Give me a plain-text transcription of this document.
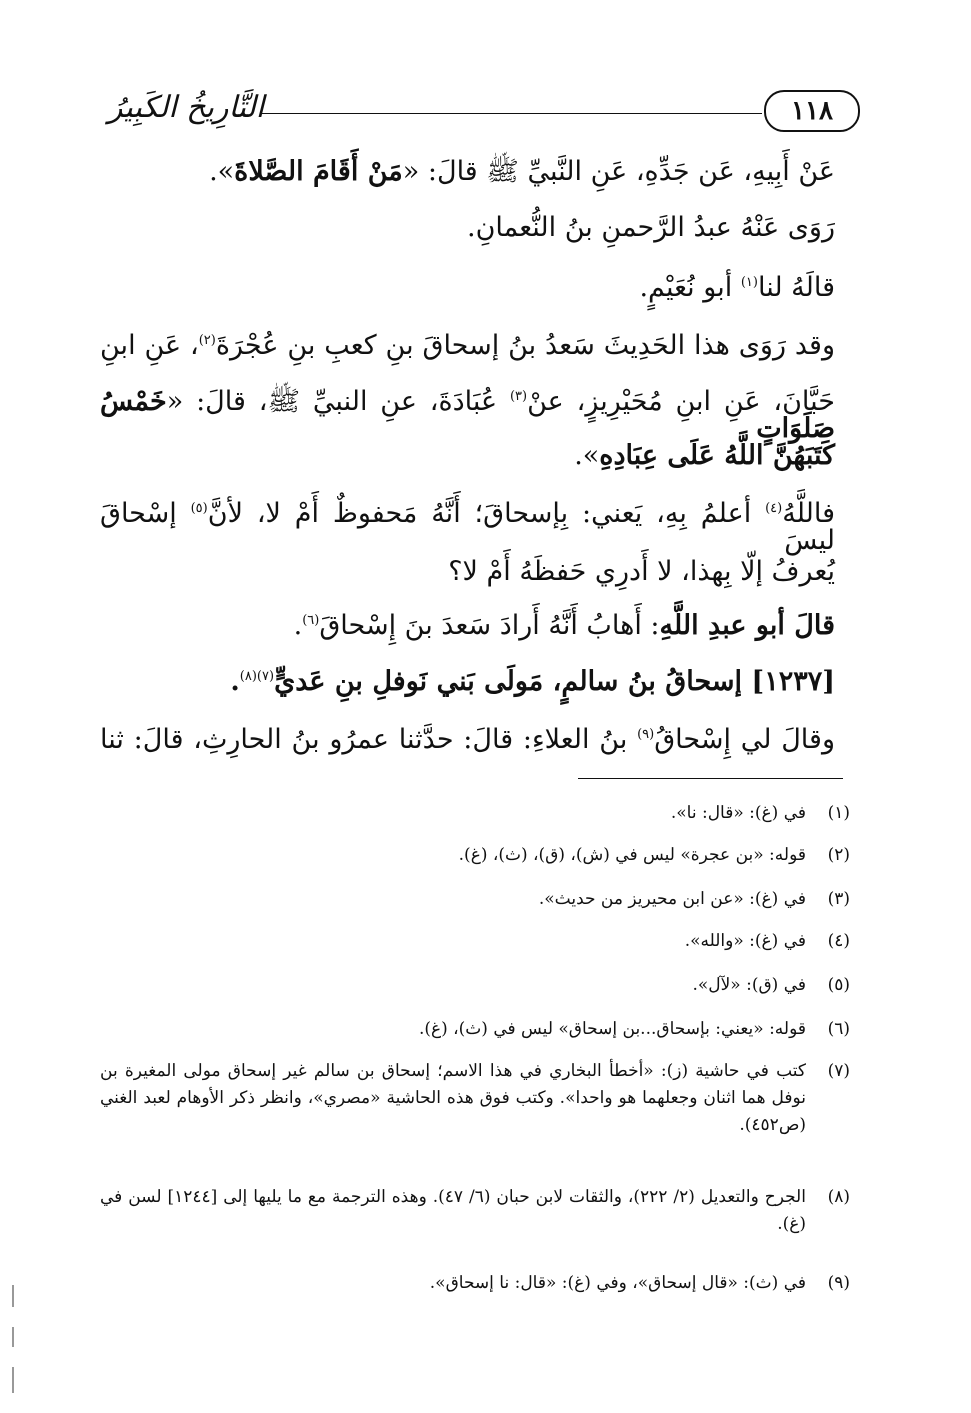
التَّارِيخُ الكَبِيرُ	١١٨
عَنْ أَبِيهِ، عَن جَدِّهِ، عَنِ النَّبيِّ ﷺ قالَ: «مَنْ أَقَامَ الصَّلاةَ».
رَوَى عَنْهُ عبدُ الرَّحمنِ بنُ النُّعمانِ.
قالَهُ لنا$^{(١)}$ أبو نُعَيْمٍ.
وقد رَوَى هذا الحَدِيثَ سَعدُ بنُ إسحاقَ بنِ كعبِ بنِ عُجْرَةَ$^{(٢)}$، عَنِ ابنِ
حَبَّانَ، عَنِ ابنِ مُحَيْرِيزٍ، عنْ$^{(٣)}$ عُبَادَةَ، عنِ النبيِّ ﷺ، قالَ: «خَمْسُ صَلَوَاتٍ
كَتَبَهُنَّ اللَّهُ عَلَى عِبَادِهِ».
فاللَّهُ$^{(٤)}$ أعلمُ بِهِ، يَعني: بِإسحاقَ؛ أَنَّهُ مَحفوظٌ أَمْ لا، لأنَّ$^{(٥)}$ إسْحاقَ ليسَ
يُعرفُ إلّا بِهذا، لا أَدرِي حَفظَهُ أَمْ لا؟
قالَ أبو عبدِ اللَّهِ: أَهابُ أَنَّهُ أَرادَ سَعدَ بنَ إِسْحاقَ$^{(٦)}$.
[١٢٣٧] إسحاقُ بنُ سالمٍ، مَولَى بَني نَوفلِ بنِ عَديٍّ$^{(٧)(٨)}$.
وقالَ لي إِسْحاقُ$^{(٩)}$ بنُ العلاءِ: قالَ: حدَّثنا عمرُو بنُ الحارِثِ، قالَ: ثنا
(١)
في (غ): «قال: نا».
(٢)
قوله: «بن عجرة» ليس في (ش)، (ق)، (ث)، (غ).
(٣)
في (غ): «عن ابن محيريز من حديث».
(٤)
في (غ): «والله».
(٥)
في (ق): «لآل».
(٦)
قوله: «يعني: بإسحاق...بن إسحاق» ليس في (ث)، (غ).
(٧)
كتب في حاشية (ز): «أخطأ البخاري في هذا الاسم؛ إسحاق بن سالم غير إسحاق مولى المغيرة بن نوفل هما اثنان وجعلهما هو واحدا». وكتب فوق هذه الحاشية «مصري»، وانظر ذكر الأوهام لعبد الغني (ص٤٥٢).
(٨)
الجرح والتعديل (٢/ ٢٢٢)، والثقات لابن حبان (٦/ ٤٧). وهذه الترجمة مع ما يليها إلى [١٢٤٤] لسن في (غ).
(٩)
في (ث): «قال إسحاق»، وفي (غ): «قال: نا إسحاق».
